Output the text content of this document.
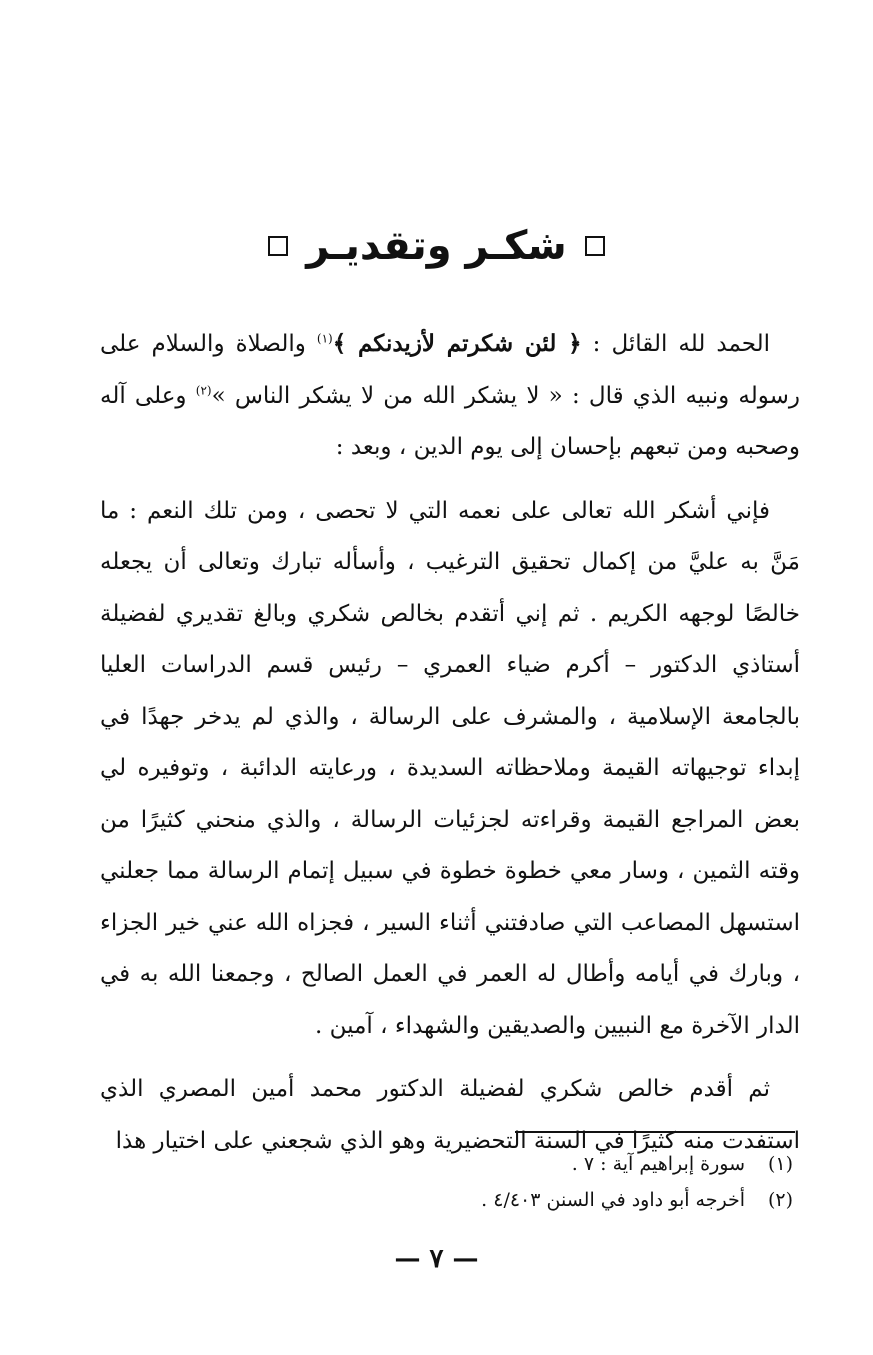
شكـر وتقديـر

الحمد لله القائل : ﴿ لئن شكرتم لأزيدنكم ﴾$^{(١)}$ والصلاة والسلام على رسوله ونبيه الذي قال : « لا يشكر الله من لا يشكر الناس »$^{(٢)}$ وعلى آله وصحبه ومن تبعهم بإحسان إلى يوم الدين ، وبعد :

فإني أشكر الله تعالى على نعمه التي لا تحصى ، ومن تلك النعم : ما مَنَّ به عليَّ من إكمال تحقيق الترغيب ، وأسأله تبارك وتعالى أن يجعله خالصًا لوجهه الكريم . ثم إني أتقدم بخالص شكري وبالغ تقديري لفضيلة أستاذي الدكتور – أكرم ضياء العمري – رئيس قسم الدراسات العليا بالجامعة الإسلامية ، والمشرف على الرسالة ، والذي لم يدخر جهدًا في إبداء توجيهاته القيمة وملاحظاته السديدة ، ورعايته الدائبة ، وتوفيره لي بعض المراجع القيمة وقراءته لجزئيات الرسالة ، والذي منحني كثيرًا من وقته الثمين ، وسار معي خطوة خطوة في سبيل إتمام الرسالة مما جعلني استسهل المصاعب التي صادفتني أثناء السير ، فجزاه الله عني خير الجزاء ، وبارك في أيامه وأطال له العمر في العمل الصالح ، وجمعنا الله به في الدار الآخرة مع النبيين والصديقين والشهداء ، آمين .

ثم أقدم خالص شكري لفضيلة الدكتور محمد أمين المصري الذي استفدت منه كثيرًا في السنة التحضيرية وهو الذي شجعني على اختيار هذا

(١)
سورة إبراهيم آية : ٧ .
(٢)
أخرجه أبو داود في السنن ٤/٤٠٣ .
— ٧ —
